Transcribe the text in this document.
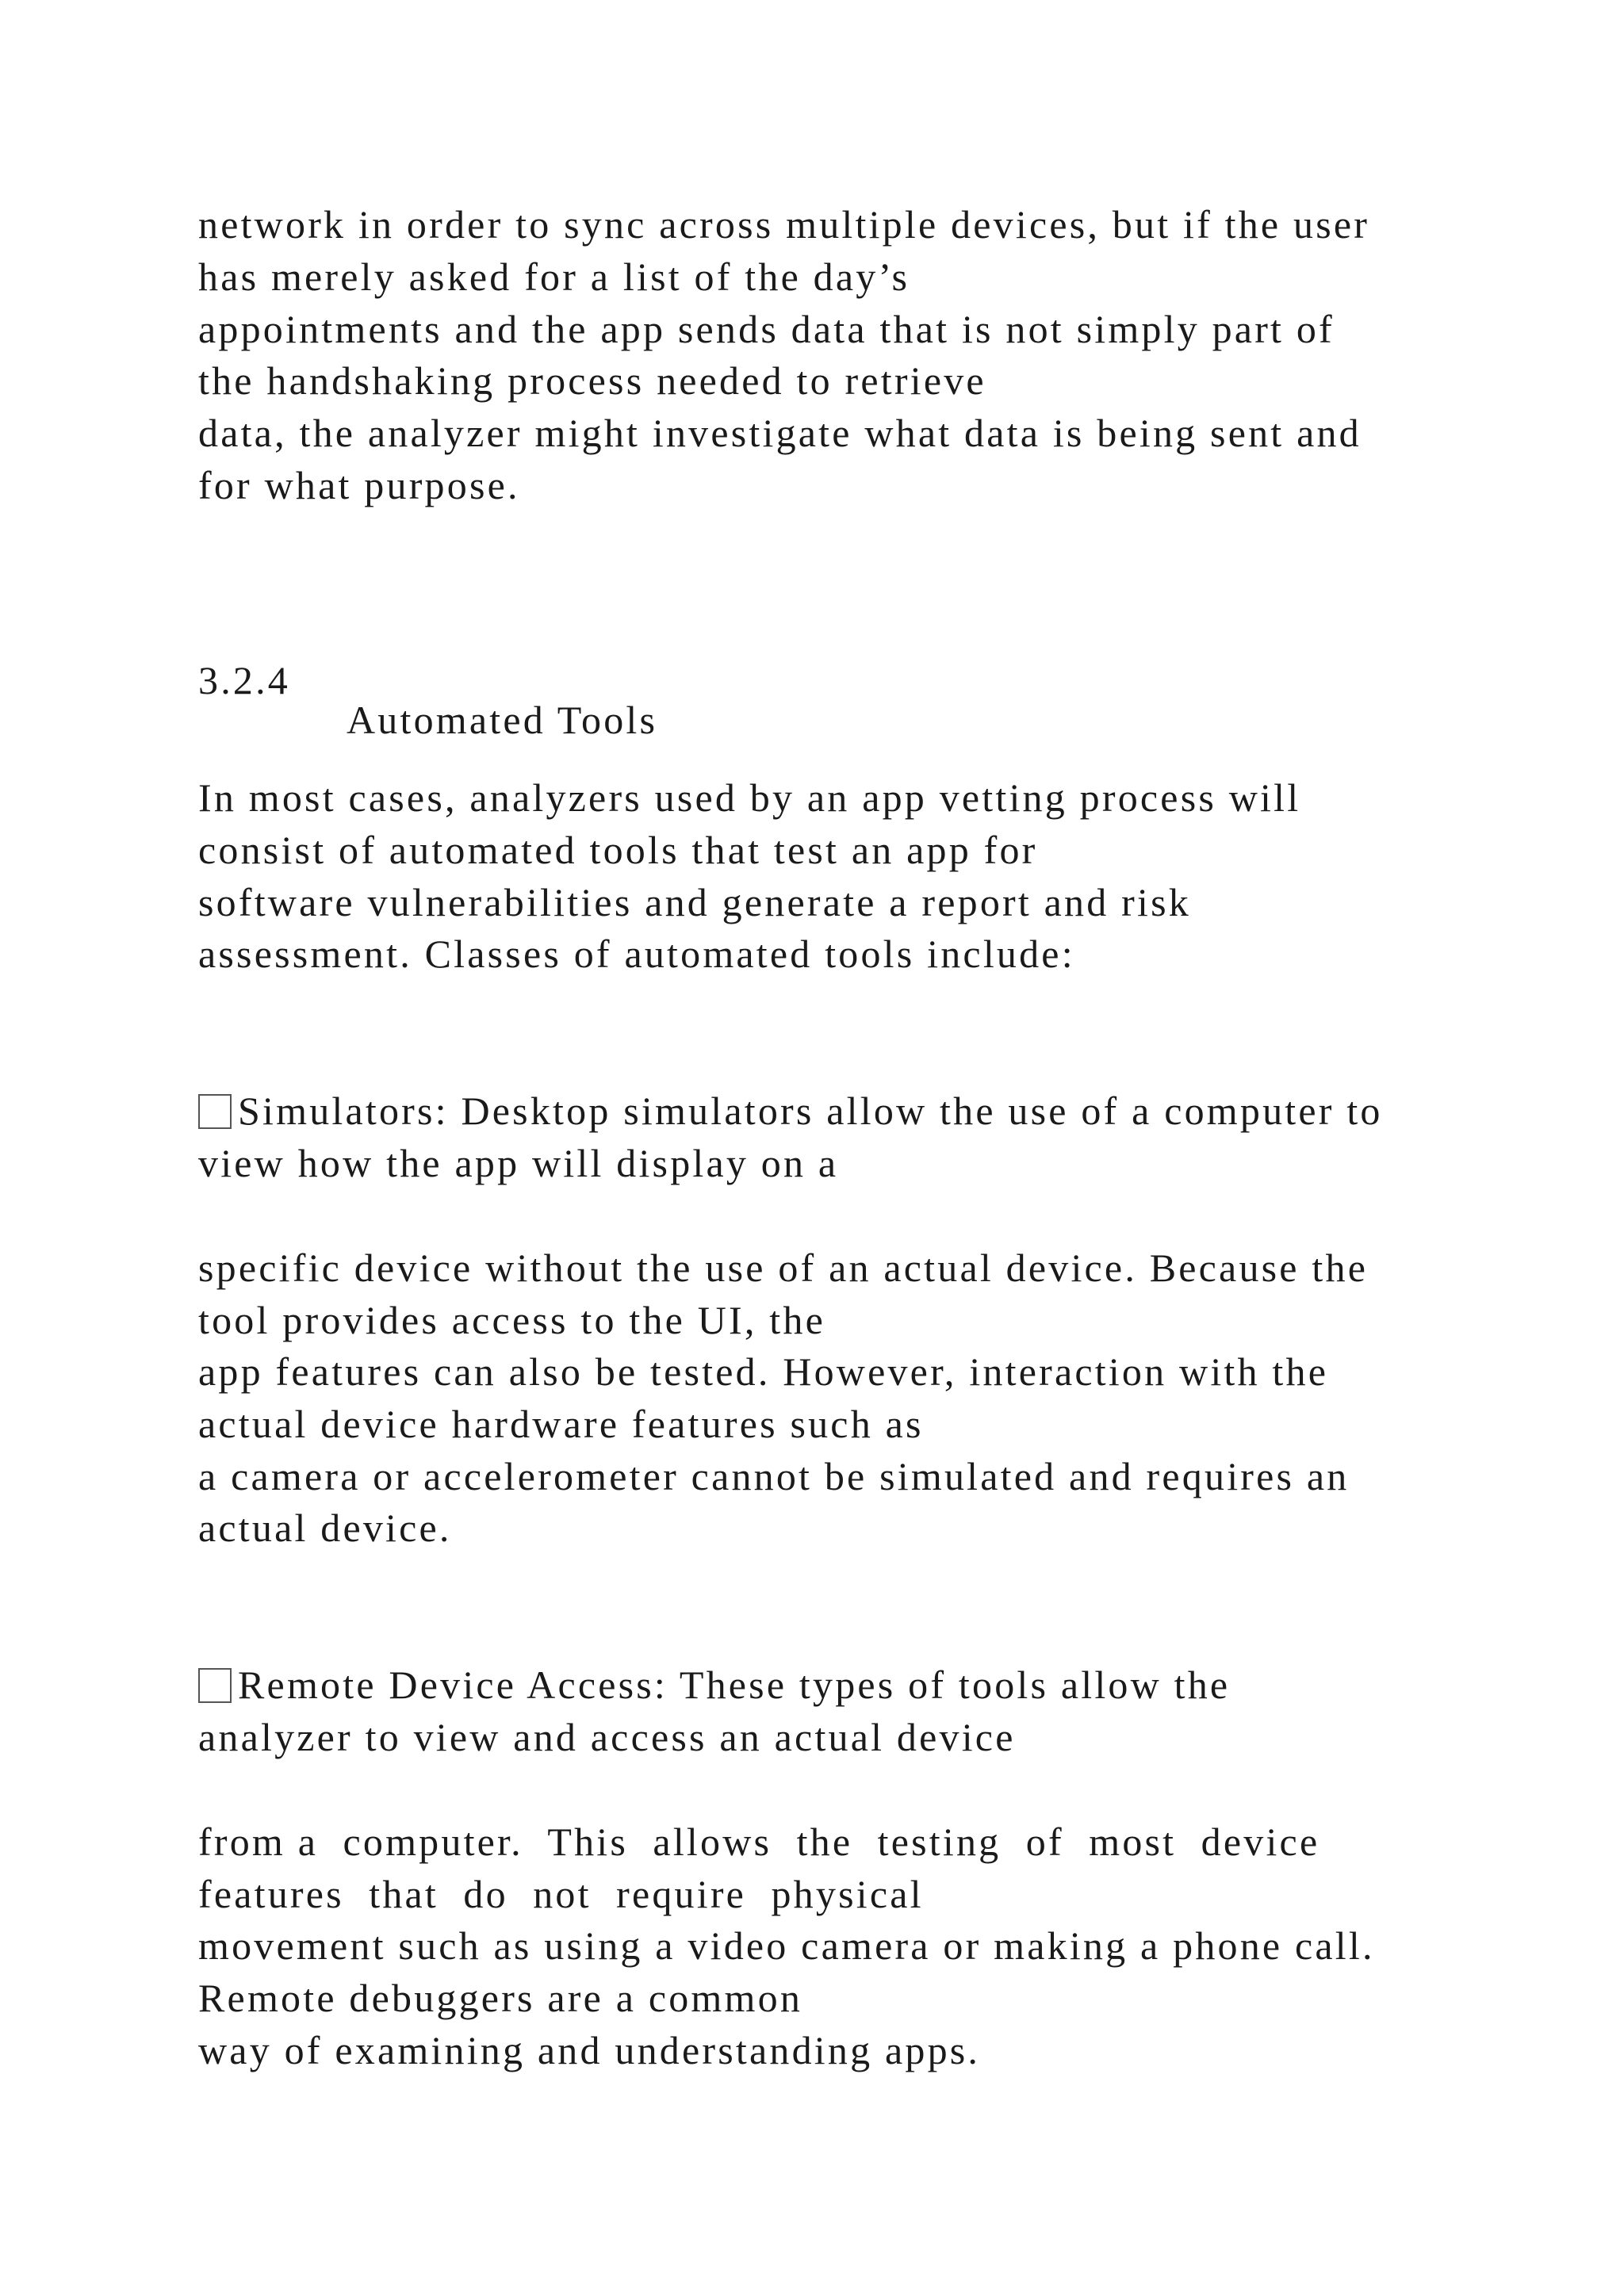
network in order to sync across multiple devices, but if the user

has merely asked for a list of the day’s

appointments and the app sends data that is not simply part of

the handshaking process needed to retrieve

data, the analyzer might investigate what data is being sent and

for what purpose.

3.2.4

Automated Tools

In most cases, analyzers used by an app vetting process will

consist of automated tools that test an app for

software vulnerabilities and generate a report and risk

assessment. Classes of automated tools include:

Simulators: Desktop simulators allow the use of a computer to

view how the app will display on a

specific device without the use of an actual device. Because the

tool provides access to the UI, the

app features can also be tested. However, interaction with the

actual device hardware features such as

a camera or accelerometer cannot be simulated and requires an

actual device.

Remote Device Access: These types of tools allow the

analyzer to view and access an actual device

from a  computer.  This  allows  the  testing  of  most  device

features  that  do  not  require  physical

movement such as using a video camera or making a phone call.

Remote debuggers are a common

way of examining and understanding apps.
